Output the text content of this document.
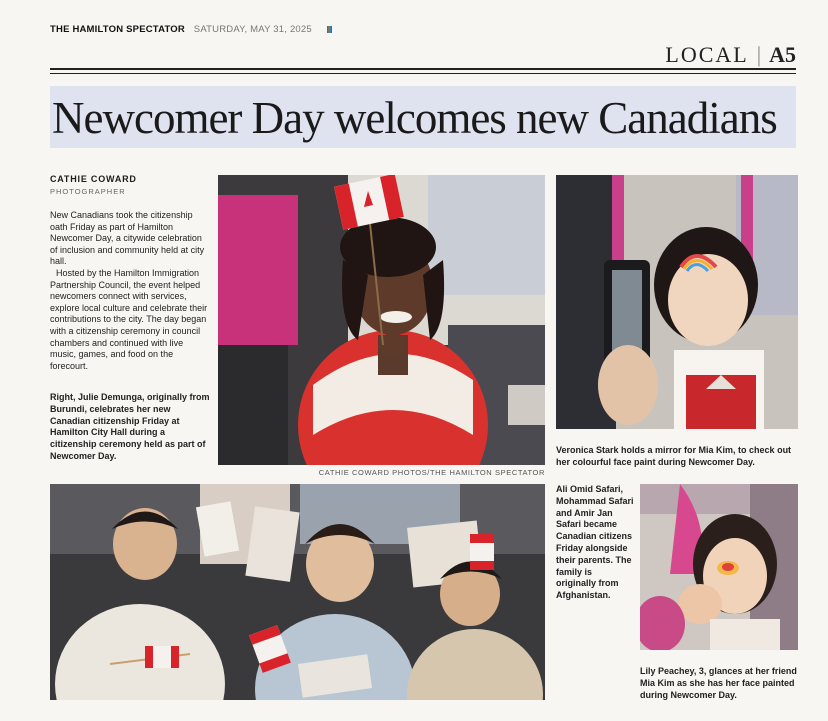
THE HAMILTON SPECTATOR SATURDAY, MAY 31, 2025
LOCAL | A5
Newcomer Day welcomes new Canadians
CATHIE COWARD
PHOTOGRAPHER

New Canadians took the citizenship oath Friday as part of Hamilton Newcomer Day, a citywide celebration of inclusion and community held at city hall.

Hosted by the Hamilton Immigration Partnership Council, the event helped newcomers connect with services, explore local culture and celebrate their contributions to the city. The day began with a citizenship ceremony in council chambers and continued with live music, games, and food on the forecourt.

Right, Julie Demunga, originally from Burundi, celebrates her new Canadian citizenship Friday at Hamilton City Hall during a citizenship ceremony held as part of Newcomer Day.
CATHIE COWARD PHOTOS/THE HAMILTON SPECTATOR
Veronica Stark holds a mirror for Mia Kim, to check out her colourful face paint during Newcomer Day.
Ali Omid Safari, Mohammad Safari and Amir Jan Safari became Canadian citizens Friday alongside their parents. The family is originally from Afghanistan.
Lily Peachey, 3, glances at her friend Mia Kim as she has her face painted during Newcomer Day.
